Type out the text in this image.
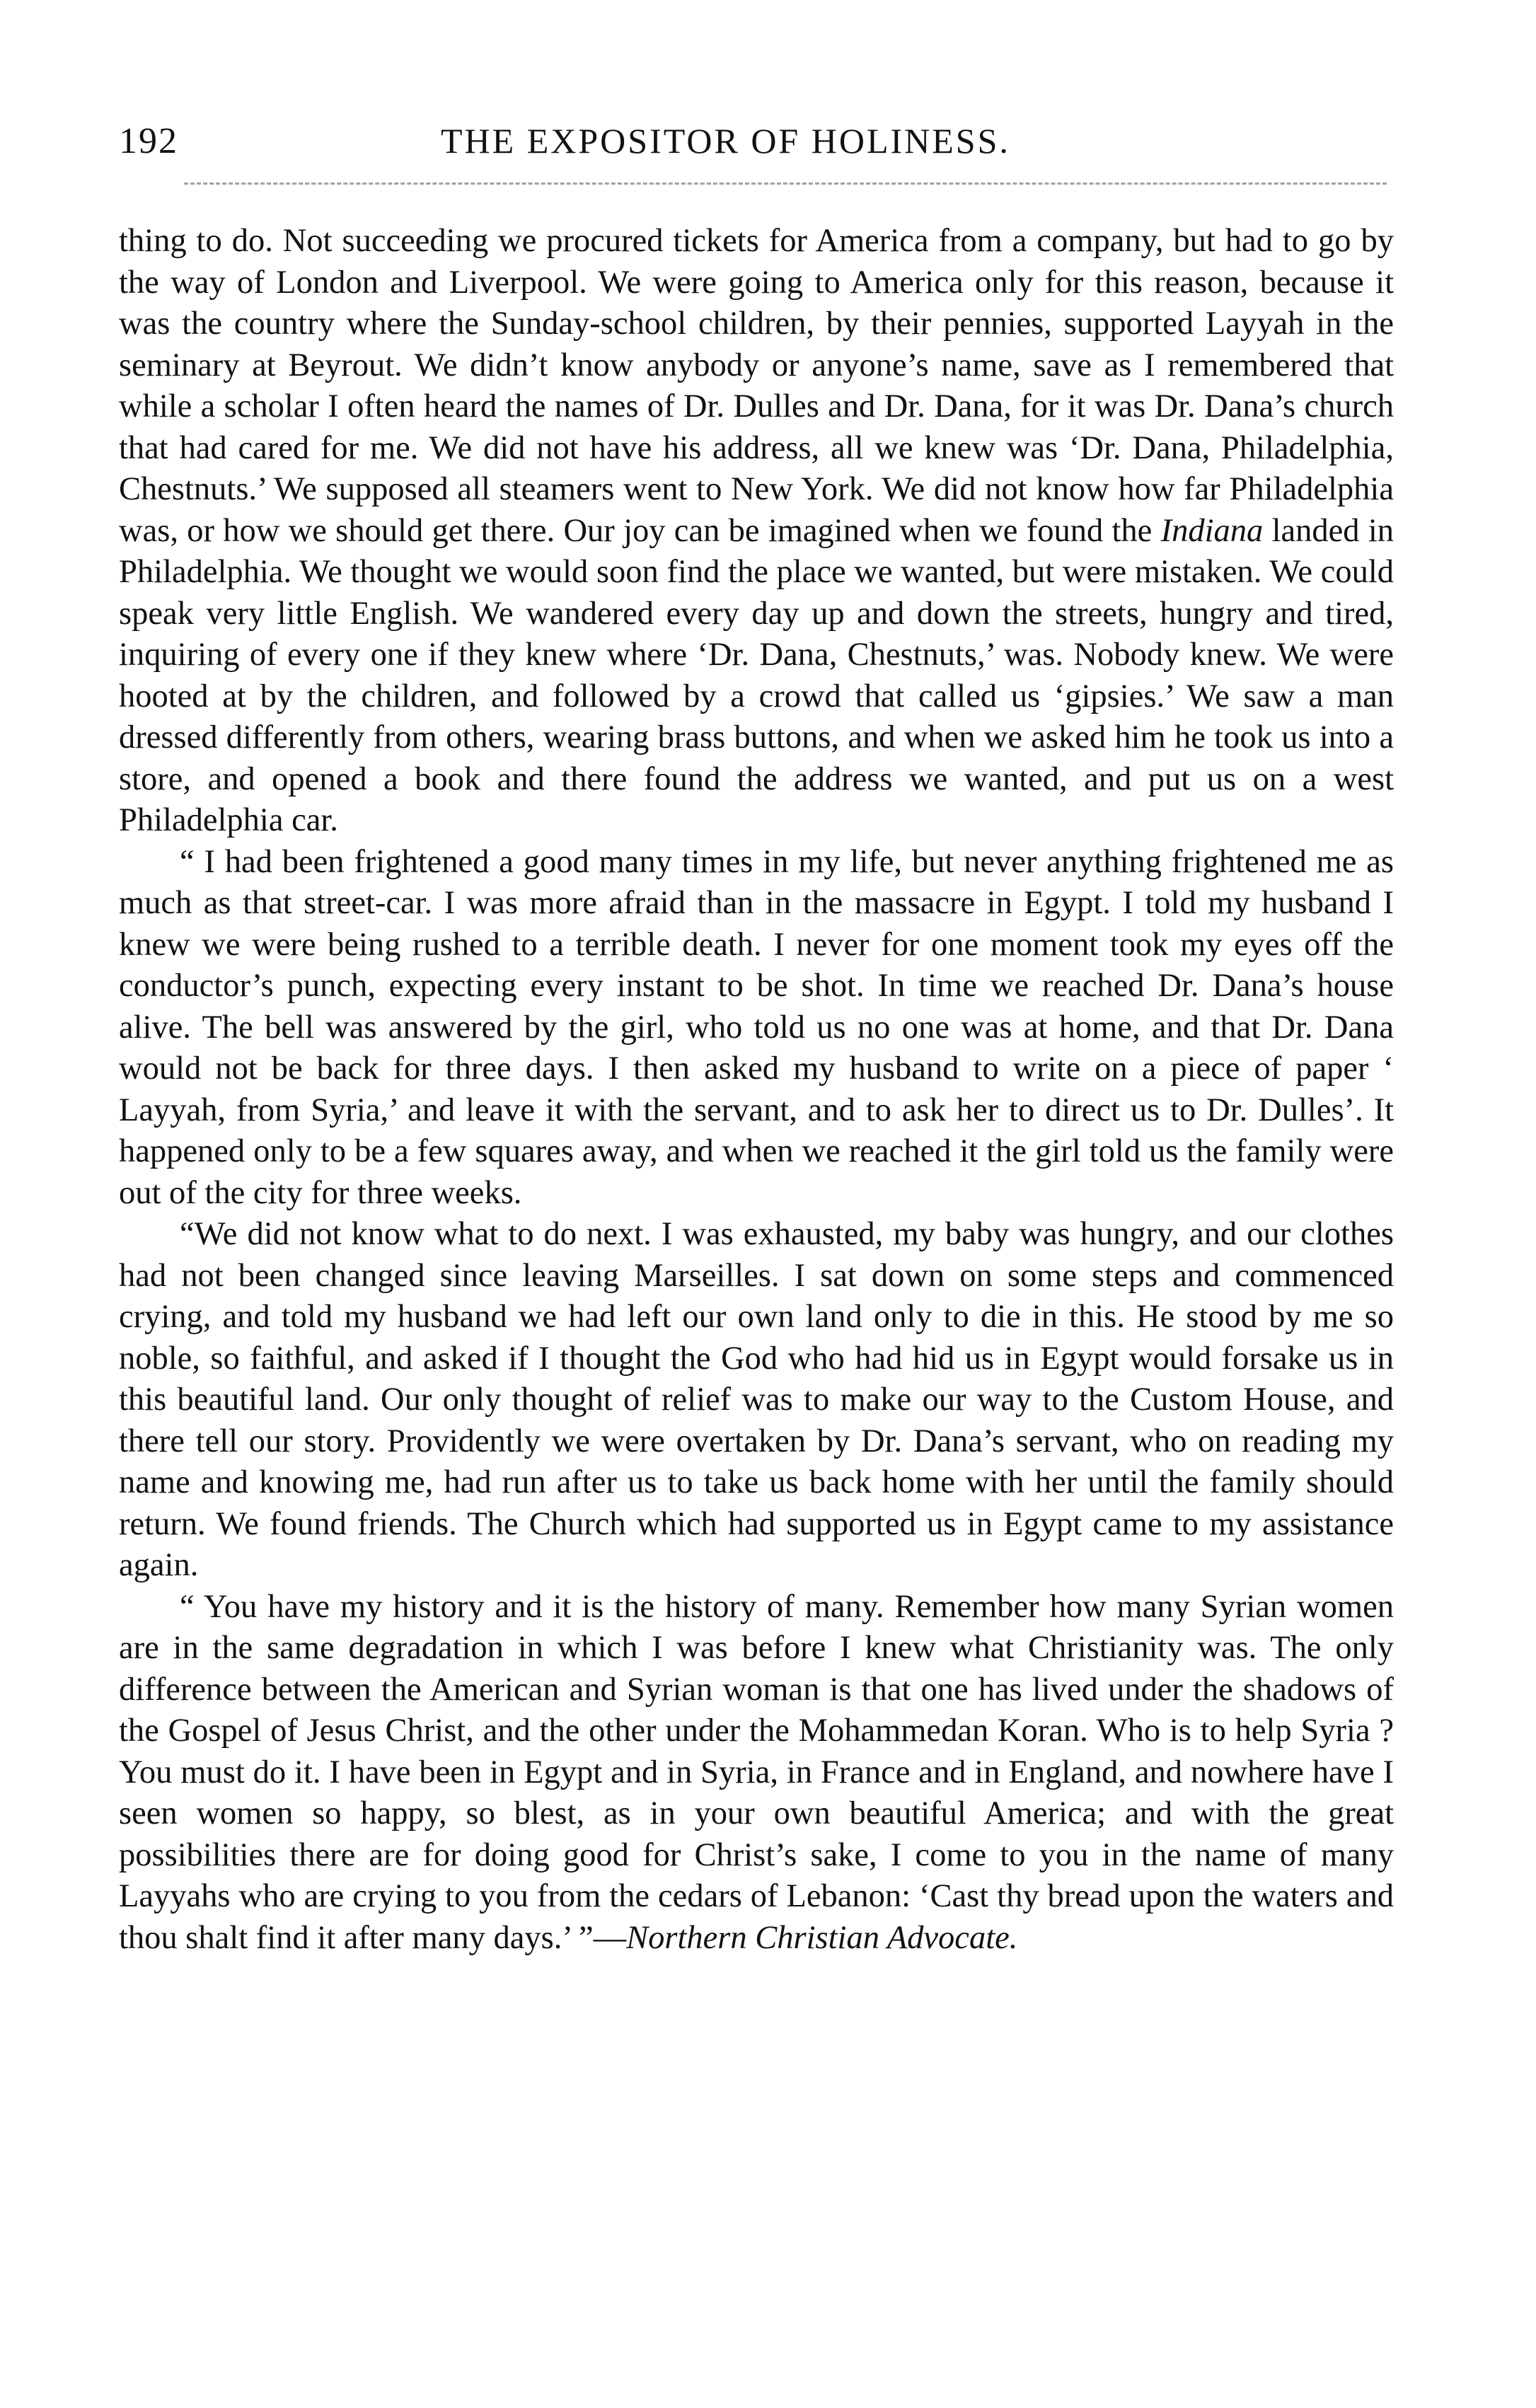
192	THE EXPOSITOR OF HOLINESS.

thing to do. Not succeeding we procured tickets for America from a company, but had to go by the way of London and Liverpool. We were going to America only for this reason, because it was the country where the Sunday-school children, by their pennies, supported Layyah in the seminary at Beyrout. We didn’t know anybody or anyone’s name, save as I remembered that while a scholar I often heard the names of Dr. Dulles and Dr. Dana, for it was Dr. Dana’s church that had cared for me. We did not have his address, all we knew was ‘Dr. Dana, Philadelphia, Chestnuts.’ We supposed all steamers went to New York. We did not know how far Philadelphia was, or how we should get there. Our joy can be imagined when we found the Indiana landed in Philadelphia. We thought we would soon find the place we wanted, but were mistaken. We could speak very little English. We wandered every day up and down the streets, hungry and tired, inquiring of every one if they knew where ‘Dr. Dana, Chestnuts,’ was. Nobody knew. We were hooted at by the children, and followed by a crowd that called us ‘gipsies.’ We saw a man dressed differently from others, wearing brass buttons, and when we asked him he took us into a store, and opened a book and there found the address we wanted, and put us on a west Philadelphia car.

“ I had been frightened a good many times in my life, but never anything frightened me as much as that street-car. I was more afraid than in the massacre in Egypt. I told my husband I knew we were being rushed to a terrible death. I never for one moment took my eyes off the conductor’s punch, expecting every instant to be shot. In time we reached Dr. Dana’s house alive. The bell was answered by the girl, who told us no one was at home, and that Dr. Dana would not be back for three days. I then asked my husband to write on a piece of paper ‘ Layyah, from Syria,’ and leave it with the servant, and to ask her to direct us to Dr. Dulles’. It happened only to be a few squares away, and when we reached it the girl told us the family were out of the city for three weeks.

“We did not know what to do next. I was exhausted, my baby was hungry, and our clothes had not been changed since leaving Marseilles. I sat down on some steps and commenced crying, and told my husband we had left our own land only to die in this. He stood by me so noble, so faithful, and asked if I thought the God who had hid us in Egypt would forsake us in this beautiful land. Our only thought of relief was to make our way to the Custom House, and there tell our story. Providently we were overtaken by Dr. Dana’s servant, who on reading my name and knowing me, had run after us to take us back home with her until the family should return. We found friends. The Church which had supported us in Egypt came to my assistance again.

“ You have my history and it is the history of many. Remember how many Syrian women are in the same degradation in which I was before I knew what Christianity was. The only difference between the American and Syrian woman is that one has lived under the shadows of the Gospel of Jesus Christ, and the other under the Mohammedan Koran. Who is to help Syria ? You must do it. I have been in Egypt and in Syria, in France and in England, and nowhere have I seen women so happy, so blest, as in your own beautiful America; and with the great possibilities there are for doing good for Christ’s sake, I come to you in the name of many Layyahs who are crying to you from the cedars of Lebanon: ‘Cast thy bread upon the waters and thou shalt find it after many days.’ ”—Northern Christian Advocate.
